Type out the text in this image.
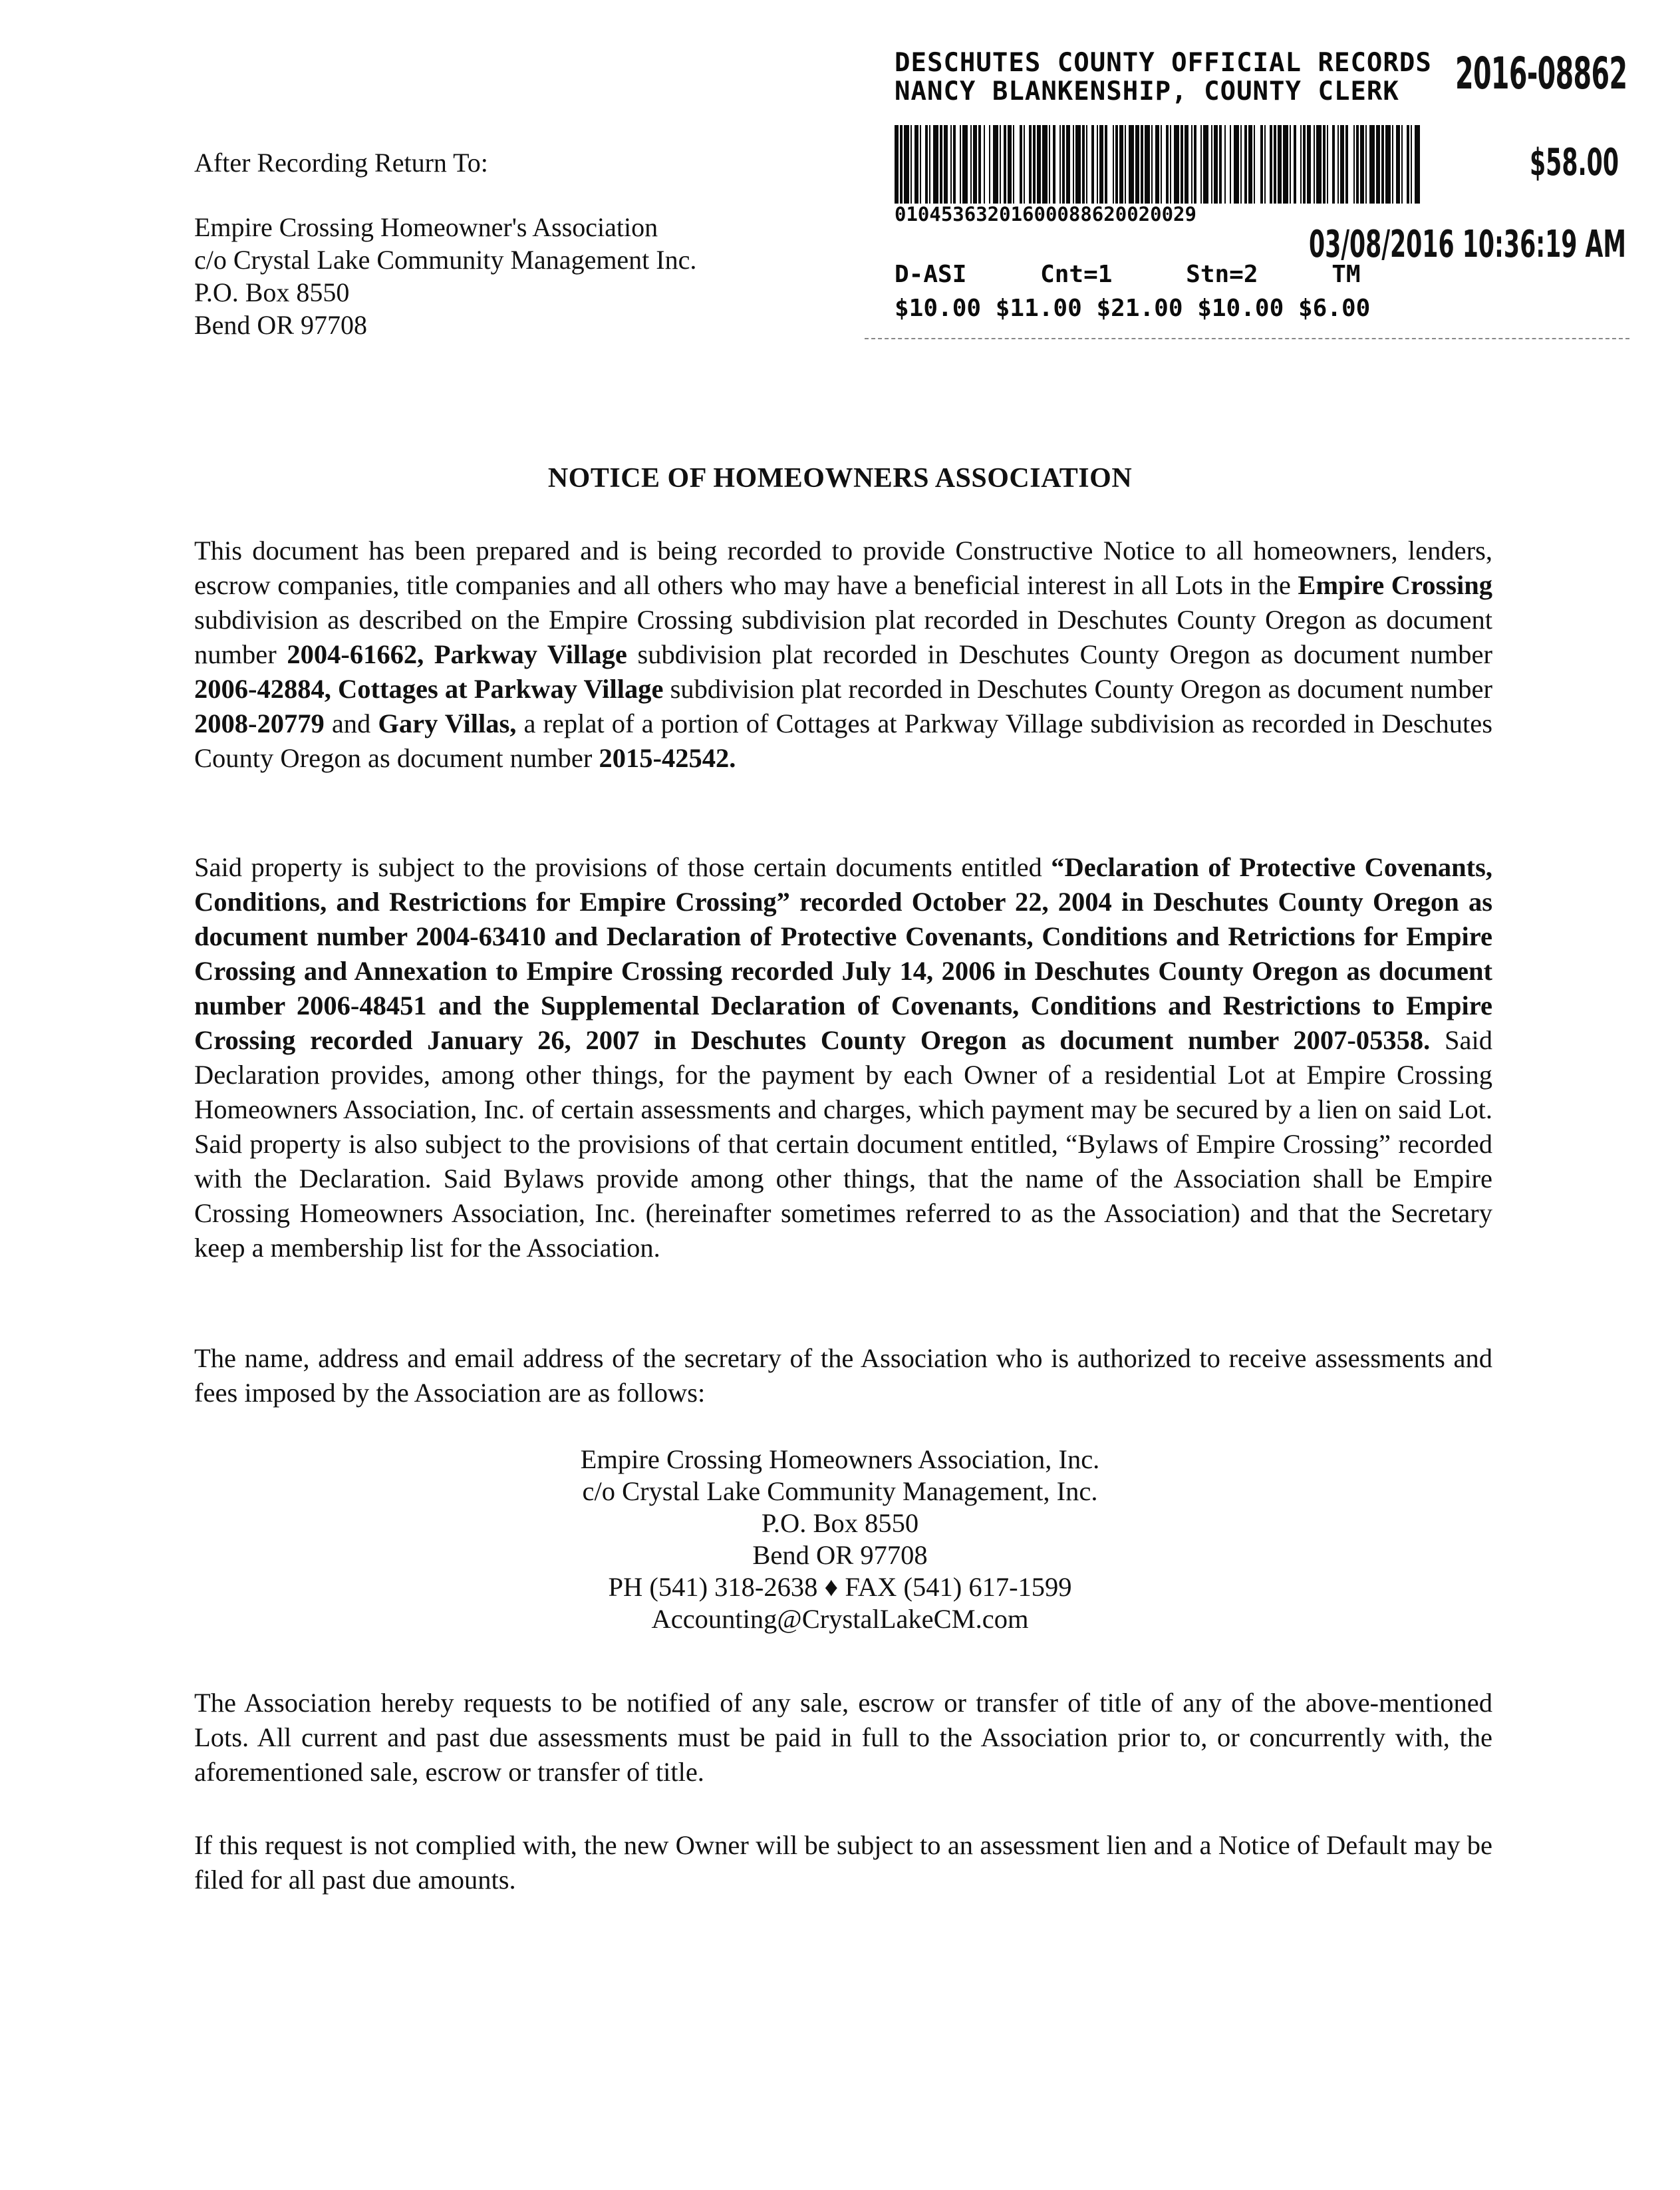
After Recording Return To:
Empire Crossing Homeowner's Association
c/o Crystal Lake Community Management Inc.
P.O. Box 8550
Bend OR 97708
DESCHUTES COUNTY OFFICIAL RECORDS
NANCY BLANKENSHIP, COUNTY CLERK 2016-08862
$58.00
01045363201600088620020029
03/08/2016 10:36:19 AM
D-ASI	Cnt=1	Stn=2	TM
$10.00 $11.00 $21.00 $10.00 $6.00
NOTICE OF HOMEOWNERS ASSOCIATION
This document has been prepared and is being recorded to provide Constructive Notice to all homeowners, lenders, escrow companies, title companies and all others who may have a beneficial interest in all Lots in the Empire Crossing subdivision as described on the Empire Crossing subdivision plat recorded in Deschutes County Oregon as document number 2004-61662, Parkway Village subdivision plat recorded in Deschutes County Oregon as document number 2006-42884, Cottages at Parkway Village subdivision plat recorded in Deschutes County Oregon as document number 2008-20779 and Gary Villas, a replat of a portion of Cottages at Parkway Village subdivision as recorded in Deschutes County Oregon as document number 2015-42542.
Said property is subject to the provisions of those certain documents entitled “Declaration of Protective Covenants, Conditions, and Restrictions for Empire Crossing” recorded October 22, 2004 in Deschutes County Oregon as document number 2004-63410 and Declaration of Protective Covenants, Conditions and Retrictions for Empire Crossing and Annexation to Empire Crossing recorded July 14, 2006 in Deschutes County Oregon as document number 2006-48451 and the Supplemental Declaration of Covenants, Conditions and Restrictions to Empire Crossing recorded January 26, 2007 in Deschutes County Oregon as document number 2007-05358. Said Declaration provides, among other things, for the payment by each Owner of a residential Lot at Empire Crossing Homeowners Association, Inc. of certain assessments and charges, which payment may be secured by a lien on said Lot. Said property is also subject to the provisions of that certain document entitled, “Bylaws of Empire Crossing” recorded with the Declaration. Said Bylaws provide among other things, that the name of the Association shall be Empire Crossing Homeowners Association, Inc. (hereinafter sometimes referred to as the Association) and that the Secretary keep a membership list for the Association.
The name, address and email address of the secretary of the Association who is authorized to receive assessments and fees imposed by the Association are as follows:
Empire Crossing Homeowners Association, Inc.
c/o Crystal Lake Community Management, Inc.
P.O. Box 8550
Bend OR 97708
PH (541) 318-2638 ♦ FAX (541) 617-1599
Accounting@CrystalLakeCM.com
The Association hereby requests to be notified of any sale, escrow or transfer of title of any of the above-mentioned Lots. All current and past due assessments must be paid in full to the Association prior to, or concurrently with, the aforementioned sale, escrow or transfer of title.
If this request is not complied with, the new Owner will be subject to an assessment lien and a Notice of Default may be filed for all past due amounts.
